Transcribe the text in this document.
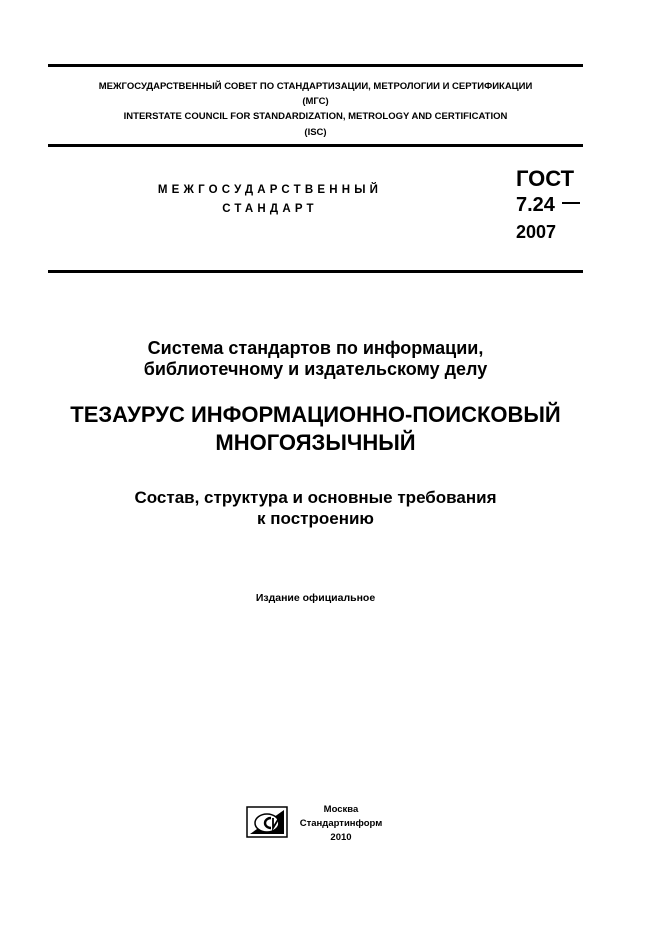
МЕЖГОСУДАРСТВЕННЫЙ СОВЕТ ПО СТАНДАРТИЗАЦИИ, МЕТРОЛОГИИ И СЕРТИФИКАЦИИ
(МГС)
INTERSTATE COUNCIL FOR STANDARDIZATION, METROLOGY AND CERTIFICATION
(ISC)
МЕЖГОСУДАРСТВЕННЫЙ
СТАНДАРТ
ГОСТ
7.24
2007
Система стандартов по информации,
библиотечному и издательскому делу
ТЕЗАУРУС ИНФОРМАЦИОННО-ПОИСКОВЫЙ
МНОГОЯЗЫЧНЫЙ
Состав, структура и основные требования
к построению
Издание официальное
Москва
Стандартинформ
2010
